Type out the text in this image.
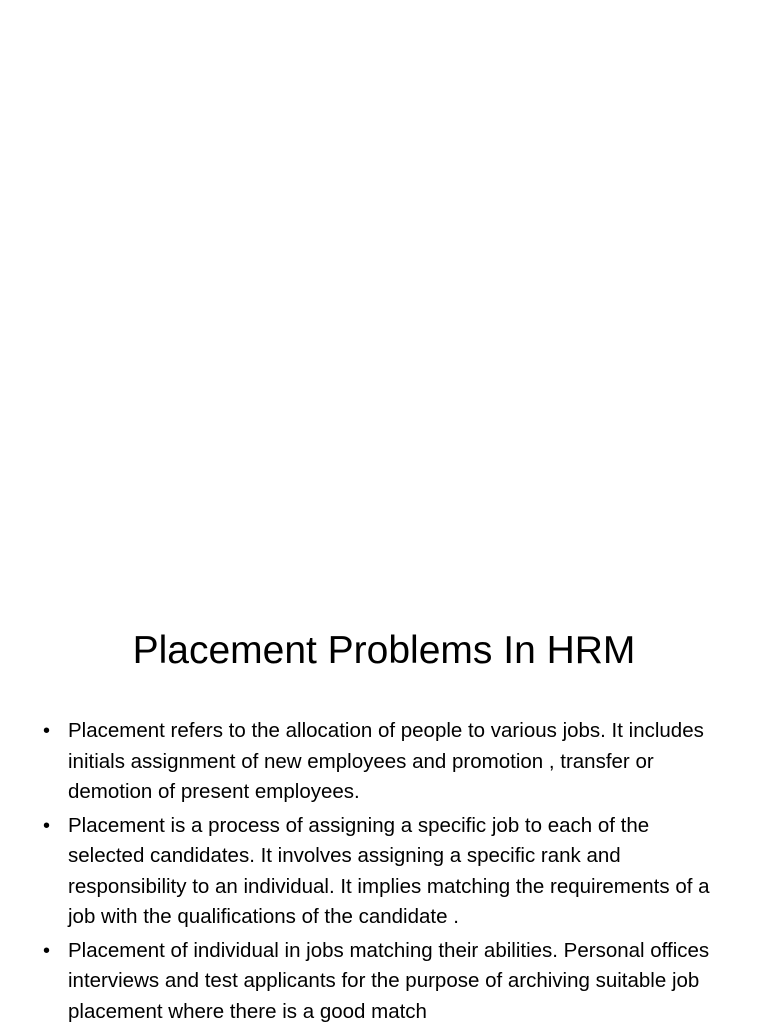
Placement Problems In HRM
• Placement refers to the allocation of people to various jobs. It includes initials assignment of new employees and promotion , transfer or demotion of present employees.
• Placement is a process of assigning a specific job to each of the selected candidates. It involves assigning a specific rank and responsibility to an individual. It implies matching the requirements of a job with the qualifications of the candidate .
• Placement of individual in jobs matching their abilities. Personal offices interviews and test applicants for the purpose of archiving suitable job placement where there is a good match
